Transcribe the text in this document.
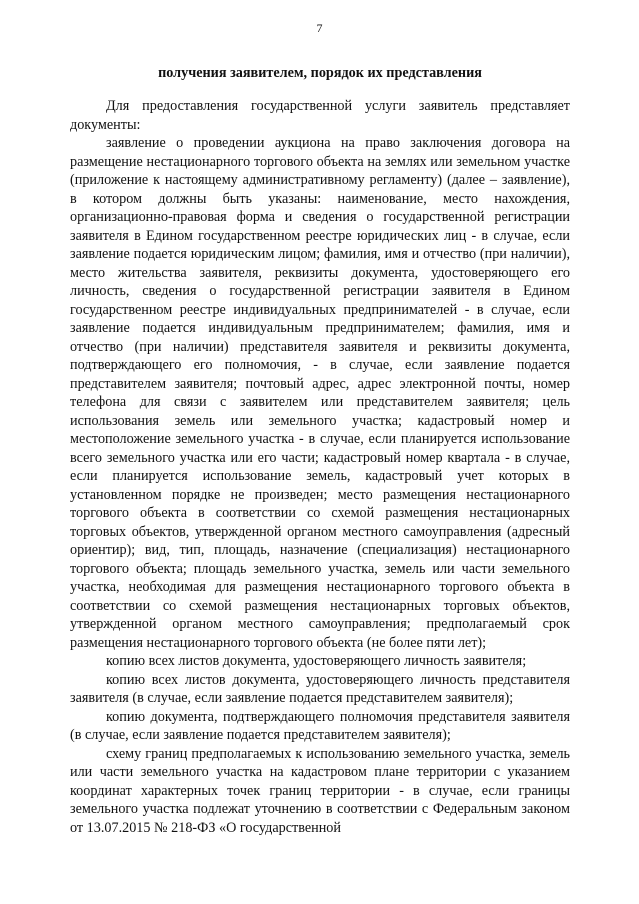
7
получения заявителем, порядок их представления

Для предоставления государственной услуги заявитель представляет документы:

заявление о проведении аукциона на право заключения договора на размещение нестационарного торгового объекта на землях или земельном участке (приложение к настоящему административному регламенту) (далее – заявление), в котором должны быть указаны: наименование, место нахождения, организационно-правовая форма и сведения о государственной регистрации заявителя в Едином государственном реестре юридических лиц - в случае, если заявление подается юридическим лицом; фамилия, имя и отчество (при наличии), место жительства заявителя, реквизиты документа, удостоверяющего его личность, сведения о государственной регистрации заявителя в Едином государственном реестре индивидуальных предпринимателей - в случае, если заявление подается индивидуальным предпринимателем; фамилия, имя и отчество (при наличии) представителя заявителя и реквизиты документа, подтверждающего его полномочия, - в случае, если заявление подается представителем заявителя; почтовый адрес, адрес электронной почты, номер телефона для связи с заявителем или представителем заявителя; цель использования земель или земельного участка; кадастровый номер и местоположение земельного участка - в случае, если планируется использование всего земельного участка или его части; кадастровый номер квартала - в случае, если планируется использование земель, кадастровый учет которых в установленном порядке не произведен; место размещения нестационарного торгового объекта в соответствии со схемой размещения нестационарных торговых объектов, утвержденной органом местного самоуправления (адресный ориентир); вид, тип, площадь, назначение (специализация) нестационарного торгового объекта; площадь земельного участка, земель или части земельного участка, необходимая для размещения нестационарного торгового объекта в соответствии со схемой размещения нестационарных торговых объектов, утвержденной органом местного самоуправления; предполагаемый срок размещения нестационарного торгового объекта (не более пяти лет);

копию всех листов документа, удостоверяющего личность заявителя;

копию всех листов документа, удостоверяющего личность представителя заявителя (в случае, если заявление подается представителем заявителя);

копию документа, подтверждающего полномочия представителя заявителя (в случае, если заявление подается представителем заявителя);

схему границ предполагаемых к использованию земельного участка, земель или части земельного участка на кадастровом плане территории с указанием координат характерных точек границ территории - в случае, если границы земельного участка подлежат уточнению в соответствии с Федеральным законом от 13.07.2015 № 218-ФЗ «О государственной
